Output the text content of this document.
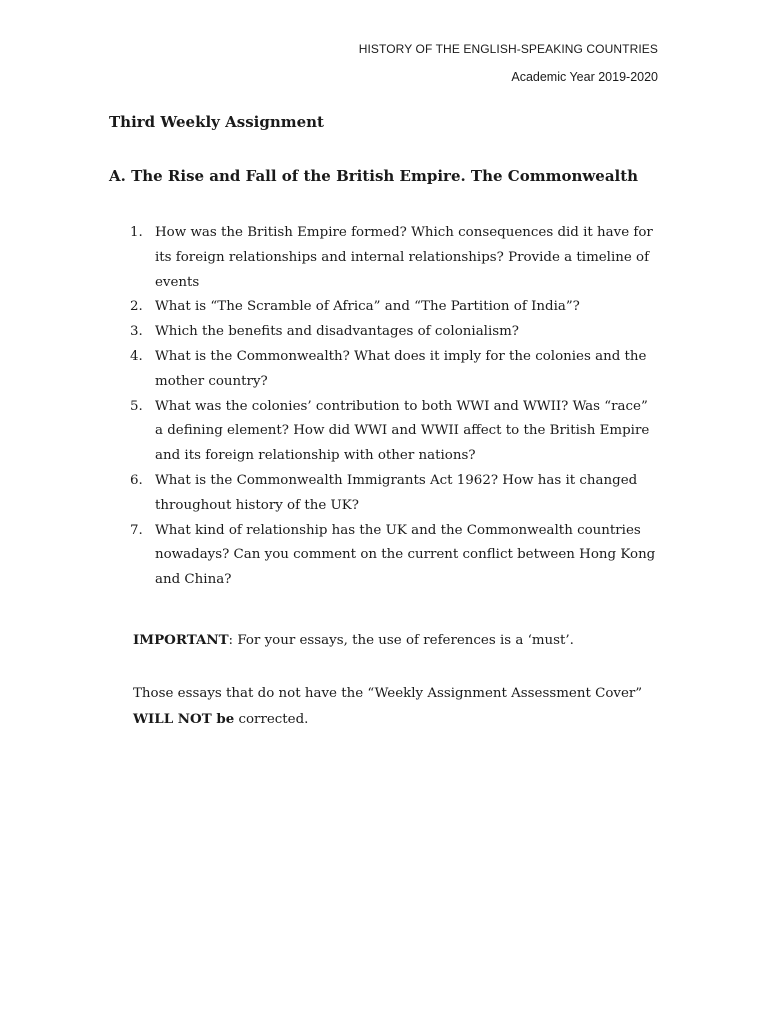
HISTORY OF THE ENGLISH-SPEAKING COUNTRIES
Academic Year 2019-2020
Third Weekly Assignment
A. The Rise and Fall of the British Empire. The Commonwealth
1. How was the British Empire formed? Which consequences did it have for its foreign relationships and internal relationships? Provide a timeline of events
2. What is “The Scramble of Africa” and “The Partition of India”?
3. Which the benefits and disadvantages of colonialism?
4. What is the Commonwealth? What does it imply for the colonies and the mother country?
5. What was the colonies’ contribution to both WWI and WWII? Was “race” a defining element? How did WWI and WWII affect to the British Empire and its foreign relationship with other nations?
6. What is the Commonwealth Immigrants Act 1962? How has it changed throughout history of the UK?
7. What kind of relationship has the UK and the Commonwealth countries nowadays? Can you comment on the current conflict between Hong Kong and China?
IMPORTANT: For your essays, the use of references is a ‘must’.
Those essays that do not have the “Weekly Assignment Assessment Cover”
WILL NOT be corrected.
